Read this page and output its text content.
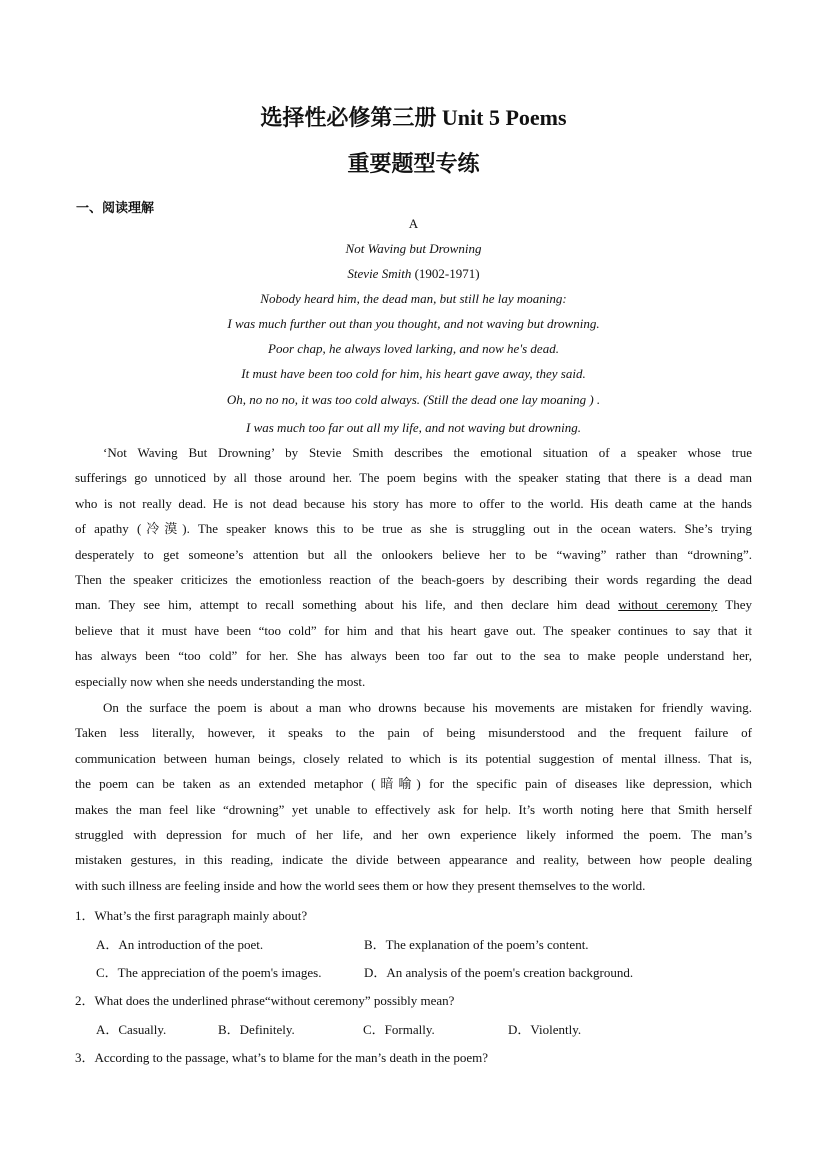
选择性必修第三册 Unit 5 Poems
重要题型专练
一、阅读理解
A
Not Waving but Drowning
Stevie Smith (1902-1971)
Nobody heard him, the dead man, but still he lay moaning:
I was much further out than you thought, and not waving but drowning.
Poor chap, he always loved larking, and now he's dead.
It must have been too cold for him, his heart gave away, they said.
Oh, no no no, it was too cold always. (Still the dead one lay moaning ) .
I was much too far out all my life, and not waving but drowning.
‘Not Waving But Drowning’ by Stevie Smith describes the emotional situation of a speaker whose true
sufferings go unnoticed by all those around her. The poem begins with the speaker stating that there is a dead man
who is not really dead. He is not dead because his story has more to offer to the world. His death came at the hands
of apathy (冷漠). The speaker knows this to be true as she is struggling out in the ocean waters. She’s trying
desperately to get someone’s attention but all the onlookers believe her to be “waving” rather than “drowning”.
Then the speaker criticizes the emotionless reaction of the beach-goers by describing their words regarding the dead
man. They see him, attempt to recall something about his life, and then declare him dead without ceremony They
believe that it must have been “too cold” for him and that his heart gave out. The speaker continues to say that it
has always been “too cold” for her. She has always been too far out to the sea to make people understand her,
especially now when she needs understanding the most.
On the surface the poem is about a man who drowns because his movements are mistaken for friendly waving.
Taken less literally, however, it speaks to the pain of being misunderstood and the frequent failure of
communication between human beings, closely related to which is its potential suggestion of mental illness. That is,
the poem can be taken as an extended metaphor (暗喻) for the specific pain of diseases like depression, which
makes the man feel like “drowning” yet unable to effectively ask for help. It’s worth noting here that Smith herself
struggled with depression for much of her life, and her own experience likely informed the poem. The man’s
mistaken gestures, in this reading, indicate the divide between appearance and reality, between how people dealing
with such illness are feeling inside and how the world sees them or how they present themselves to the world.
1．What’s the first paragraph mainly about?
A．An introduction of the poet.	B．The explanation of the poem’s content.
C．The appreciation of the poem's images.	D．An analysis of the poem's creation background.
2．What does the underlined phrase“without ceremony” possibly mean?
A．Casually.	B．Definitely.	C．Formally.	D．Violently.
3．According to the passage, what’s to blame for the man’s death in the poem?
